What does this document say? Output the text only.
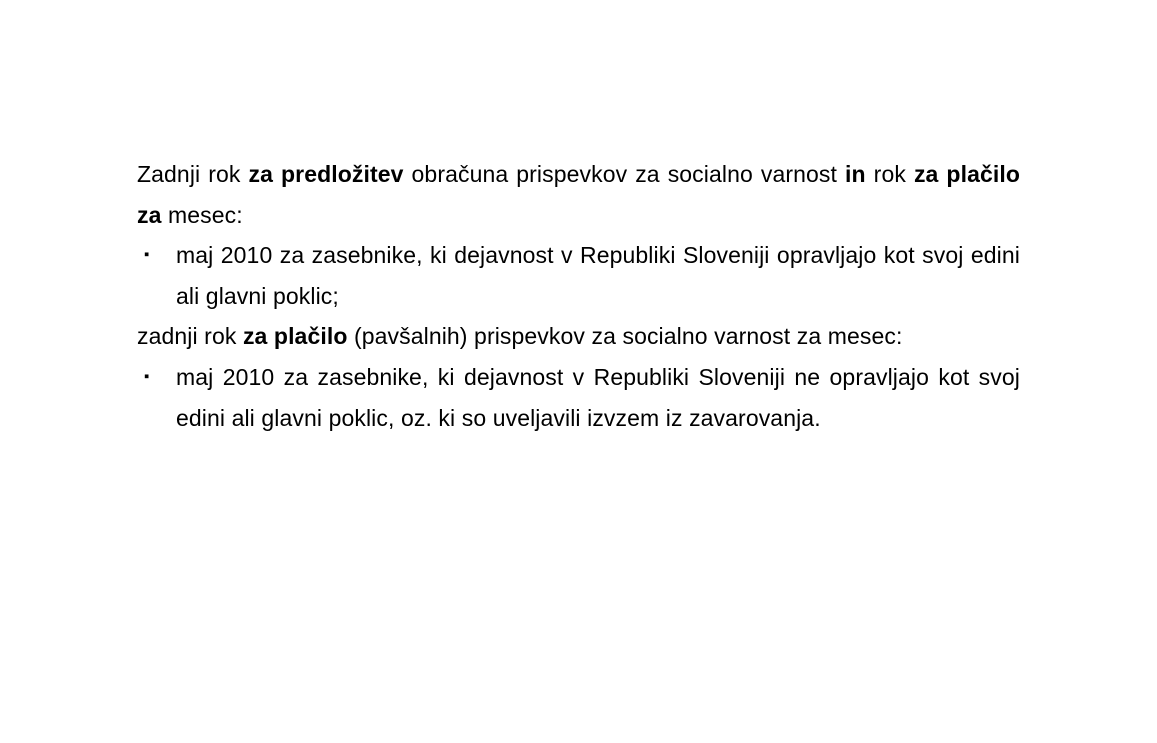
Zadnji rok za predložitev obračuna prispevkov za socialno varnost in rok za plačilo
za mesec:
▪	maj 2010 za zasebnike, ki dejavnost v Republiki Sloveniji opravljajo kot svoj edini
ali glavni poklic;
zadnji rok za plačilo (pavšalnih) prispevkov za socialno varnost za mesec:
▪	maj 2010 za zasebnike, ki dejavnost v Republiki Sloveniji ne opravljajo kot svoj
edini ali glavni poklic, oz. ki so uveljavili izvzem iz zavarovanja.
